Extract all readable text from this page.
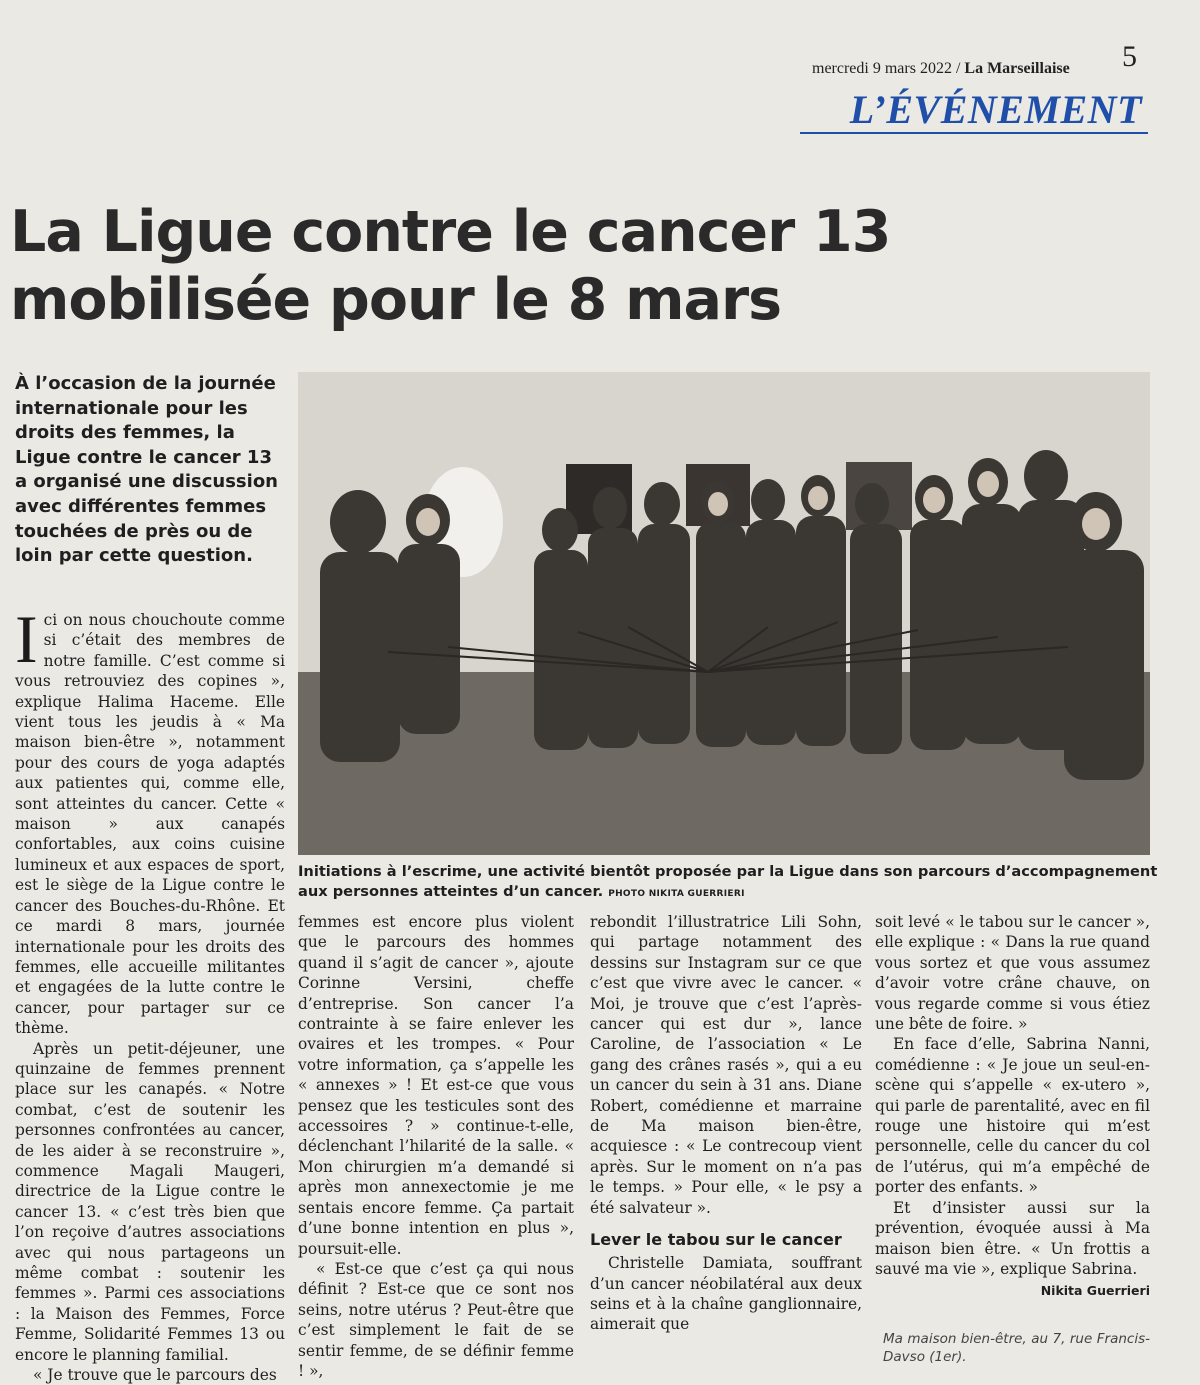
mercredi 9 mars 2022 / La Marseillaise 5
L’ÉVÉNEMENT
La Ligue contre le cancer 13
mobilisée pour le 8 mars
À l’occasion de la journée internationale pour les droits des femmes, la Ligue contre le cancer 13 a organisé une discussion avec différentes femmes touchées de près ou de loin par cette question.
Initiations à l’escrime, une activité bientôt proposée par la Ligue dans son parcours d’accompagnement aux personnes atteintes d’un cancer. PHOTO NIKITA GUERRIERI

Ici on nous chouchoute comme si c’était des membres de notre famille. C’est comme si vous retrouviez des copines », explique Halima Haceme. Elle vient tous les jeudis à « Ma maison bien-être », notamment pour des cours de yoga adaptés aux patientes qui, comme elle, sont atteintes du cancer. Cette « maison » aux canapés confortables, aux coins cuisine lumineux et aux espaces de sport, est le siège de la Ligue contre le cancer des Bouches-du-Rhône. Et ce mardi 8 mars, journée internationale pour les droits des femmes, elle accueille militantes et engagées de la lutte contre le cancer, pour partager sur ce thème.

Après un petit-déjeuner, une quinzaine de femmes prennent place sur les canapés. « Notre combat, c’est de soutenir les personnes confrontées au cancer, de les aider à se reconstruire », commence Magali Maugeri, directrice de la Ligue contre le cancer 13. « c’est très bien que l’on reçoive d’autres associations avec qui nous partageons un même combat : soutenir les femmes ». Parmi ces associations : la Maison des Femmes, Force Femme, Solidarité Femmes 13 ou encore le planning familial.

« Je trouve que le parcours des

femmes est encore plus violent que le parcours des hommes quand il s’agit de cancer », ajoute Corinne Versini, cheffe d’entreprise. Son cancer l’a contrainte à se faire enlever les ovaires et les trompes. « Pour votre information, ça s’appelle les « annexes » ! Et est-ce que vous pensez que les testicules sont des accessoires ? » continue-t-elle, déclenchant l’hilarité de la salle. « Mon chirurgien m’a demandé si après mon annexectomie je me sentais encore femme. Ça partait d’une bonne intention en plus », poursuit-elle.

« Est-ce que c’est ça qui nous définit ? Est-ce que ce sont nos seins, notre utérus ? Peut-être que c’est simplement le fait de se sentir femme, de se définir femme ! »,

rebondit l’illustratrice Lili Sohn, qui partage notamment des dessins sur Instagram sur ce que c’est que vivre avec le cancer. « Moi, je trouve que c’est l’après-cancer qui est dur », lance Caroline, de l’association « Le gang des crânes rasés », qui a eu un cancer du sein à 31 ans. Diane Robert, comédienne et marraine de Ma maison bien-être, acquiesce : « Le contrecoup vient après. Sur le moment on n’a pas le temps. » Pour elle, « le psy a été salvateur ».

Lever le tabou sur le cancer

Christelle Damiata, souffrant d’un cancer néobilatéral aux deux seins et à la chaîne ganglionnaire, aimerait que

soit levé « le tabou sur le cancer », elle explique : « Dans la rue quand vous sortez et que vous assumez d’avoir votre crâne chauve, on vous regarde comme si vous étiez une bête de foire. »

En face d’elle, Sabrina Nanni, comédienne : « Je joue un seul-en-scène qui s’appelle « ex-utero », qui parle de parentalité, avec en fil rouge une histoire qui m’est personnelle, celle du cancer du col de l’utérus, qui m’a empêché de porter des enfants. »

Et d’insister aussi sur la prévention, évoquée aussi à Ma maison bien être. « Un frottis a sauvé ma vie », explique Sabrina.

Nikita Guerrieri
Ma maison bien-être, au 7, rue Francis-Davso (1er).
